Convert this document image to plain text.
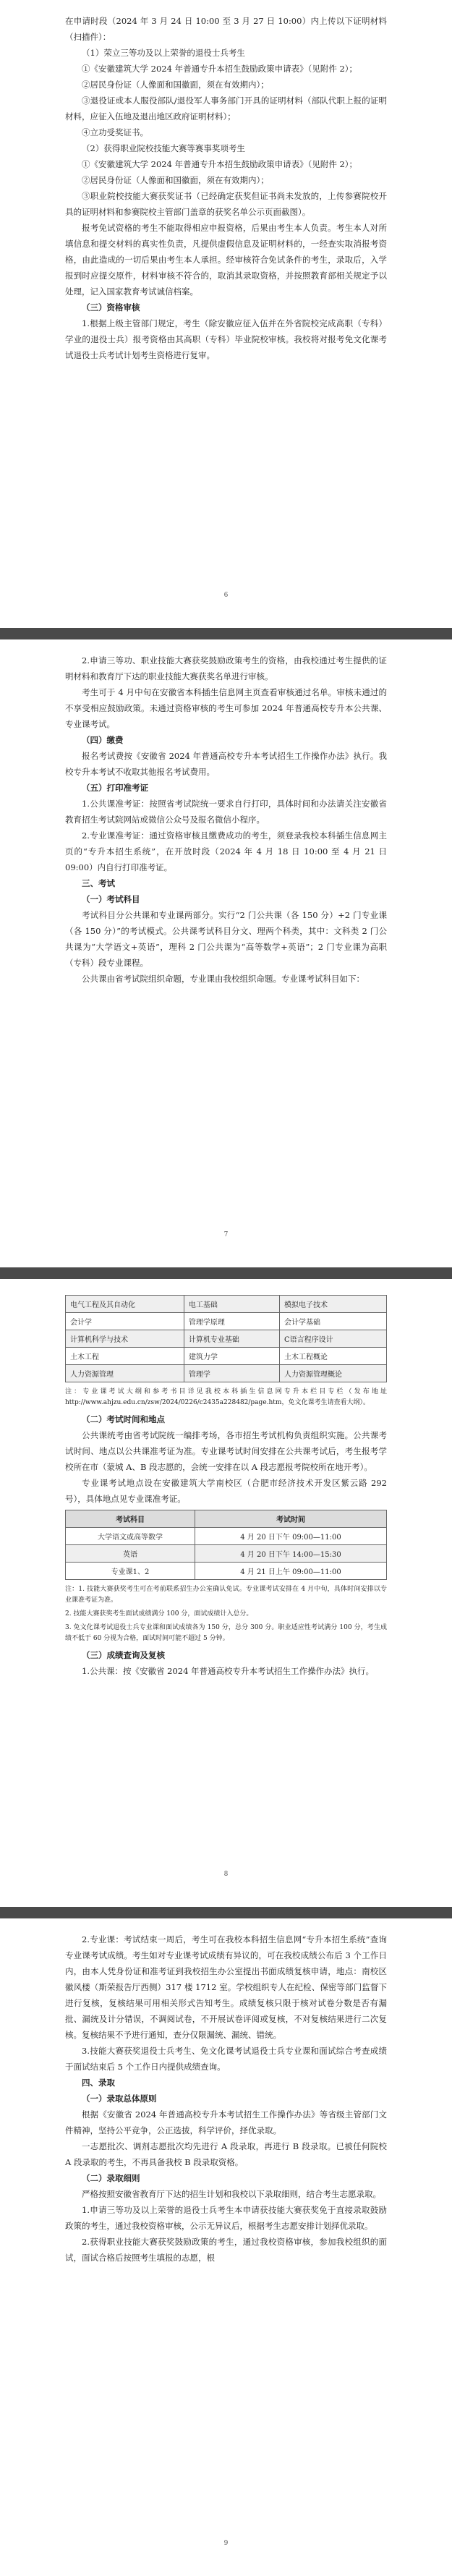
在申请时段（2024 年 3 月 24 日 10:00 至 3 月 27 日 10:00）内上传以下证明材料（扫描件）：

（1）荣立三等功及以上荣誉的退役士兵考生

①《安徽建筑大学 2024 年普通专升本招生鼓励政策申请表》（见附件 2）；

②居民身份证（人像面和国徽面，须在有效期内）；

③退役证或本人服役部队/退役军人事务部门开具的证明材料（部队代职上报的证明材料，应征入伍地及退出地区政府证明材料）；

④立功受奖证书。

（2）获得职业院校技能大赛等赛事奖项考生

①《安徽建筑大学 2024 年普通专升本招生鼓励政策申请表》（见附件 2）；

②居民身份证（人像面和国徽面，须在有效期内）；

③职业院校技能大赛获奖证书（已经确定获奖但证书尚未发放的，上传参赛院校开具的证明材料和参赛院校主管部门盖章的获奖名单公示页面截图）。

报考免试资格的考生不能取得相应申报资格，后果由考生本人负责。考生本人对所填信息和提交材料的真实性负责，凡提供虚假信息及证明材料的，一经查实取消报考资格，由此造成的一切后果由考生本人承担。经审核符合免试条件的考生，录取后，入学报到时应提交原件，材料审核不符合的，取消其录取资格，并按照教育部相关规定予以处理，记入国家教育考试诚信档案。

（三）资格审核

1.根据上级主管部门规定，考生（除安徽应征入伍并在外省院校完成高职（专科）学业的退役士兵）报考资格由其高职（专科）毕业院校审核。我校将对报考免文化课考试退役士兵考试计划考生资格进行复审。

6

2.申请三等功、职业技能大赛获奖鼓励政策考生的资格，由我校通过考生提供的证明材料和教育厅下达的职业技能大赛获奖名单进行审核。

考生可于 4 月中旬在安徽省本科插生信息网主页查看审核通过名单。审核未通过的不享受相应鼓励政策。未通过资格审核的考生可参加 2024 年普通高校专升本公共课、专业课考试。

（四）缴费

报名考试费按《安徽省 2024 年普通高校专升本考试招生工作操作办法》执行。我校专升本考试不收取其他报名考试费用。

（五）打印准考证

1.公共课准考证：按照省考试院统一要求自行打印，具体时间和办法请关注安徽省教育招生考试院网站或微信公众号及报名微信小程序。

2.专业课准考证：通过资格审核且缴费成功的考生，须登录我校本科插生信息网主页的“专升本招生系统”，在开放时段（2024 年 4 月 18 日 10:00 至 4 月 21 日 09:00）内自行打印准考证。

三、考试

（一）考试科目

考试科目分公共课和专业课两部分。实行“2 门公共课（各 150 分）+2 门专业课（各 150 分）”的考试模式。公共课考试科目分文、理两个科类，其中：文科类 2 门公共课为“大学语文+英语”，理科 2 门公共课为“高等数学+英语”；2 门专业课为高职（专科）段专业课程。

公共课由省考试院组织命题，专业课由我校组织命题。专业课考试科目如下：

7
电气工程及其自动化	电工基础	模拟电子技术
会计学	管理学原理	会计学基础
计算机科学与技术	计算机专业基础	C语言程序设计
土木工程	建筑力学	土木工程概论
人力资源管理	管理学	人力资源管理概论

注：专业课考试大纲和参考书目详见我校本科插生信息网专升本栏目专栏（发布地址 http://www.ahjzu.edu.cn/zsw/2024/0226/c2435a228482/page.htm，免文化课考生请查看大纲）。

（二）考试时间和地点

公共课统考由省考试院统一编排考场，各市招生考试机构负责组织实施。公共课考试时间、地点以公共课准考证为准。专业课考试时间安排在公共课考试后，考生报考学校所在市（蒙城 A、B 段志愿的，会统一安排在以 A 段志愿报考院校所在地开考）。

专业课考试地点设在安徽建筑大学南校区（合肥市经济技术开发区紫云路 292 号），具体地点见专业课准考证。

考试科目	考试时间
大学语文或高等数学	4 月 20 日下午 09:00—11:00
英语	4 月 20 日下午 14:00—15:30
专业课1、2	4 月 21 日上午 09:00—11:00

注：1. 技能大赛获奖考生可在考前联系招生办公室确认免试。专业课考试安排在 4 月中旬，具体时间安排以专业课准考证为准。

2. 技能大赛获奖考生面试成绩满分 100 分，面试成绩计入总分。

3. 免文化课考试退役士兵专业课和面试成绩各为 150 分，总分 300 分。职业适应性考试满分 100 分，考生成绩不低于 60 分视为合格，面试时间可能不超过 5 分钟。

（三）成绩查询及复核

1.公共课：按《安徽省 2024 年普通高校专升本考试招生工作操作办法》执行。

8

2.专业课：考试结束一周后，考生可在我校本科招生信息网“专升本招生系统”查询专业课考试成绩。考生如对专业课考试成绩有异议的，可在我校成绩公布后 3 个工作日内，由本人凭身份证和准考证到我校招生办公室提出书面成绩复核申请，地点：南校区徽风楼（斯荣报告厅西侧）317 楼 1712 室。学校组织专人在纪检、保密等部门监督下进行复核，复核结果可用相关形式告知考生。成绩复核只限于核对试卷分数是否有漏批、漏统及计分错误，不调阅试卷，不开展试卷评阅或复核，不对复核结果进行二次复核。复核结果不予进行通知，查分仅限漏统、漏统、错统。

3.技能大赛获奖退役士兵考生、免文化课考试退役士兵专业课和面试综合考查成绩于面试结束后 5 个工作日内提供成绩查询。

四、录取

（一）录取总体原则

根据《安徽省 2024 年普通高校专升本考试招生工作操作办法》等省级主管部门文件精神，坚持公平竞争，公正选拔，科学评价，择优录取。

一志愿批次、调剂志愿批次均先进行 A 段录取，再进行 B 段录取。已被任何院校 A 段录取的考生，不再具备我校 B 段录取资格。

（二）录取细则

严格按照安徽省教育厅下达的招生计划和我校以下录取细则，结合考生志愿录取。

1.申请三等功及以上荣誉的退役士兵考生本申请获技能大赛获奖免于直接录取鼓励政策的考生，通过我校资格审核，公示无异议后，根据考生志愿安排计划择优录取。

2.获得职业技能大赛获奖鼓励政策的考生，通过我校资格审核，参加我校组织的面试，面试合格后按照考生填报的志愿，根

9
